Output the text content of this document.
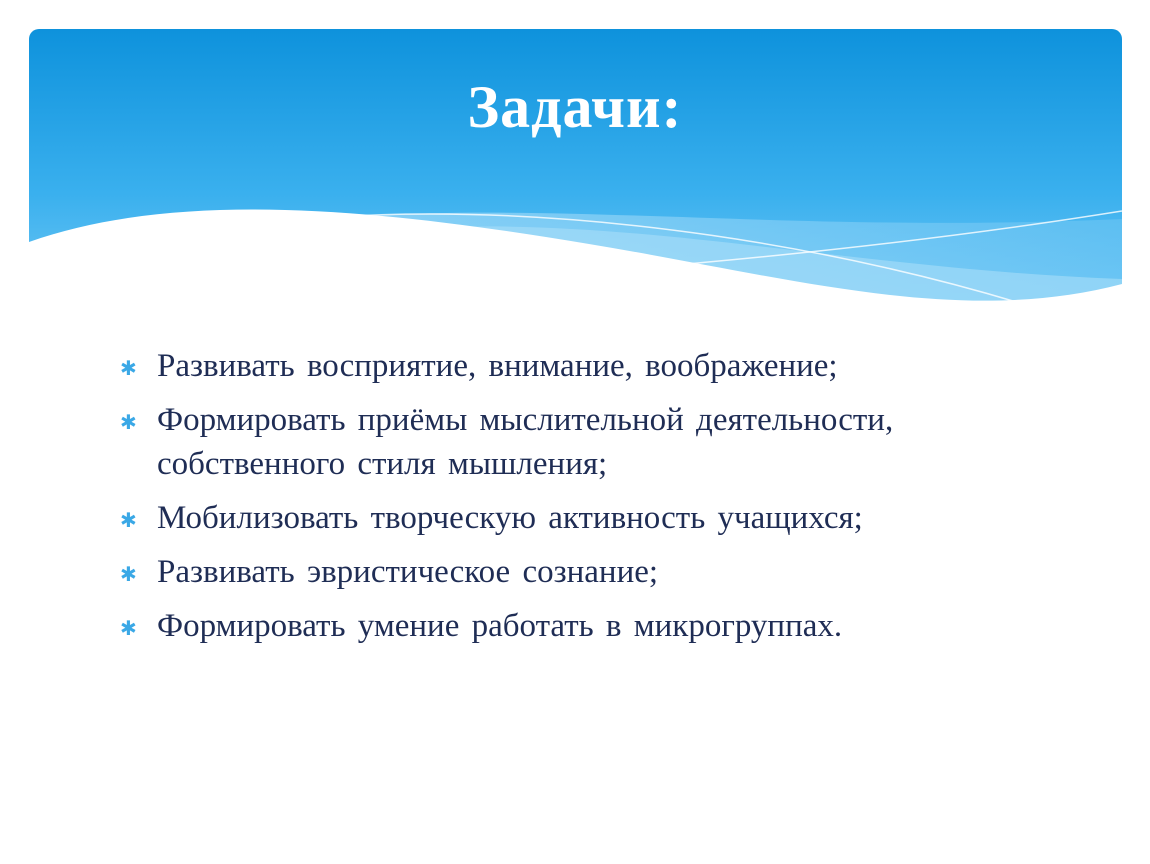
Задачи:
✱ Развивать восприятие, внимание, воображение;
✱ Формировать приёмы мыслительной деятельности, собственного стиля мышления;
✱ Мобилизовать творческую активность учащихся;
✱ Развивать эвристическое сознание;
✱ Формировать умение работать в микрогруппах.
